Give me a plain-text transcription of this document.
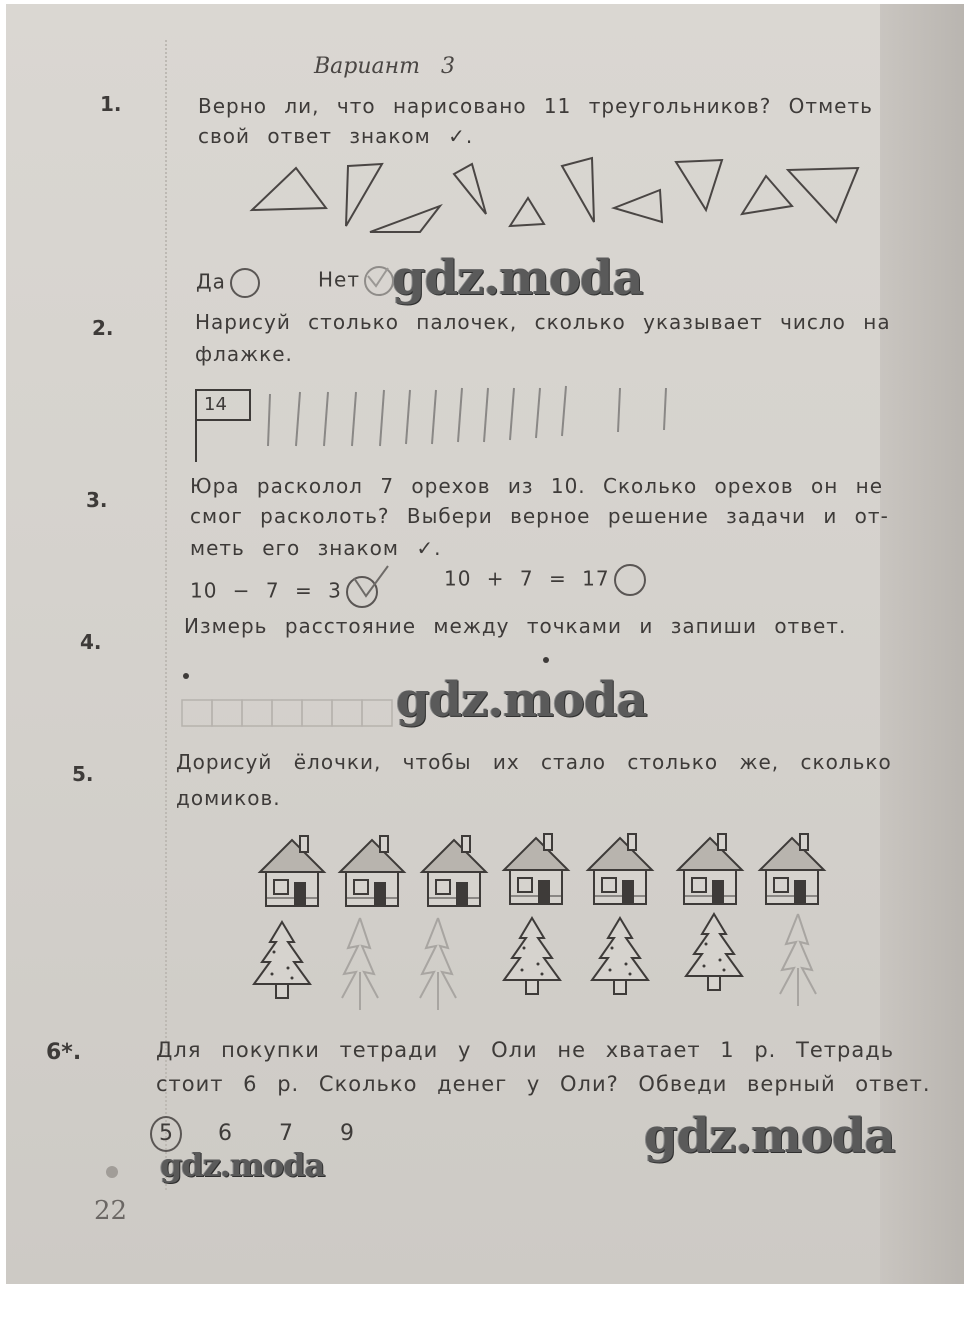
Вариант 3
1.	Верно ли, что нарисовано 11 треугольников? Отметь
свой ответ знаком ✓.
Да	Нет
2.	Нарисуй столько палочек, сколько указывает число на
флажке.
14
3.
Юра расколол 7 орехов из 10. Сколько орехов он не
смог расколоть? Выбери верное решение задачи и от-
меть его знаком ✓.
10 − 7 = 3	10 + 7 = 17
4.
Измерь расстояние между точками и запиши ответ.
5.	Дорисуй ёлочки, чтобы их стало столько же, сколько
домиков.
6*.	Для покупки тетради у Оли не хватает 1 р. Тетрадь
стоит 6 р. Сколько денег у Оли? Обведи верный ответ.
5 6 7 9
22
gdz.moda
gdz.moda
gdz.moda
gdz.moda
